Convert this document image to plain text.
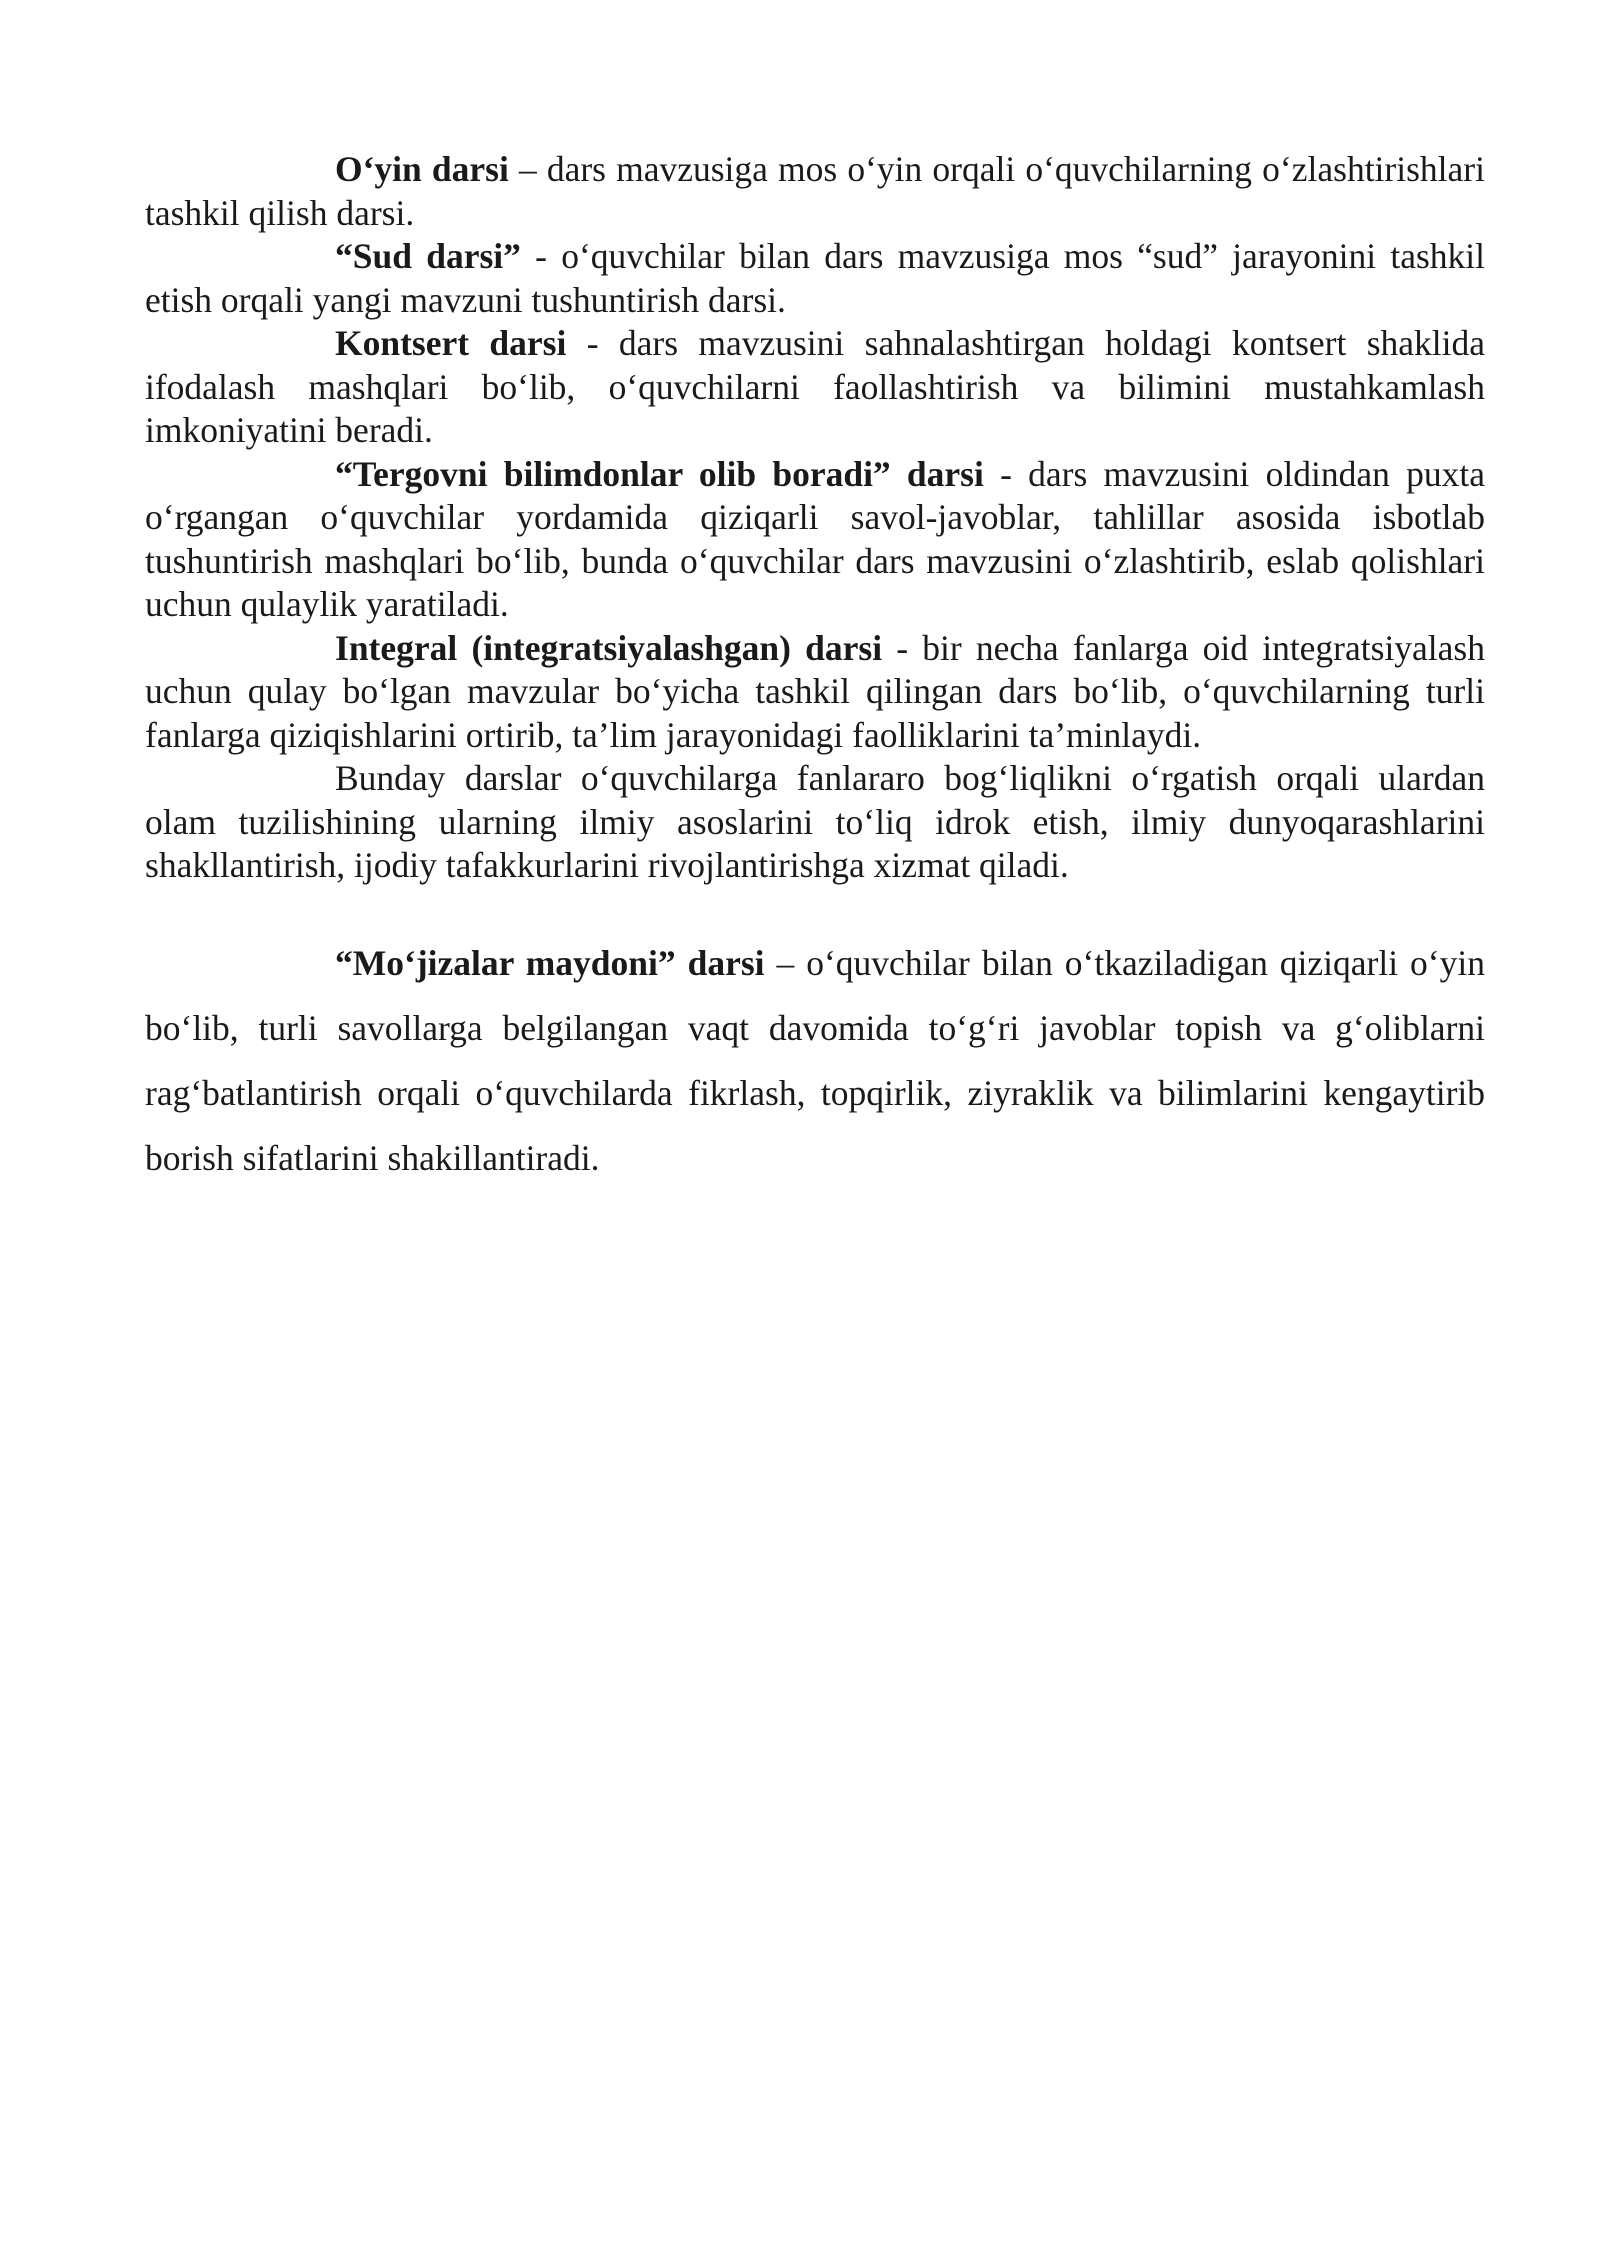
O‘yin darsi – dars mavzusiga mos o‘yin orqali o‘quvchilarning o‘zlashtirishlari tashkil qilish darsi.

“Sud darsi” - o‘quvchilar bilan dars mavzusiga mos “sud” jarayonini tashkil etish orqali yangi mavzuni tushuntirish darsi.

Kontsert darsi - dars mavzusini sahnalashtirgan holdagi kontsert shaklida ifodalash mashqlari bo‘lib, o‘quvchilarni faollashtirish va bilimini mustahkamlash imkoniyatini beradi.

“Tergovni bilimdonlar olib boradi” darsi - dars mavzusini oldindan puxta o‘rgangan o‘quvchilar yordamida qiziqarli savol-javoblar, tahlillar asosida isbotlab tushuntirish mashqlari bo‘lib, bunda o‘quvchilar dars mavzusini o‘zlashtirib, eslab qolishlari uchun qulaylik yaratiladi.

Integral (integratsiyalashgan) darsi - bir necha fanlarga oid integratsiyalash uchun qulay bo‘lgan mavzular bo‘yicha tashkil qilingan dars bo‘lib, o‘quvchilarning turli fanlarga qiziqishlarini ortirib, ta’lim jarayonidagi faolliklarini ta’minlaydi.

Bunday darslar o‘quvchilarga fanlararo bog‘liqlikni o‘rgatish orqali ulardan olam tuzilishining ularning ilmiy asoslarini to‘liq idrok etish, ilmiy dunyoqarashlarini shakllantirish, ijodiy tafakkurlarini rivojlantirishga xizmat qiladi.

“Mo‘jizalar maydoni” darsi – o‘quvchilar bilan o‘tkaziladigan qiziqarli o‘yin bo‘lib, turli savollarga belgilangan vaqt davomida to‘g‘ri javoblar topish va g‘oliblarni rag‘batlantirish orqali o‘quvchilarda fikrlash, topqirlik, ziyraklik va bilimlarini kengaytirib borish sifatlarini shakillantiradi.
